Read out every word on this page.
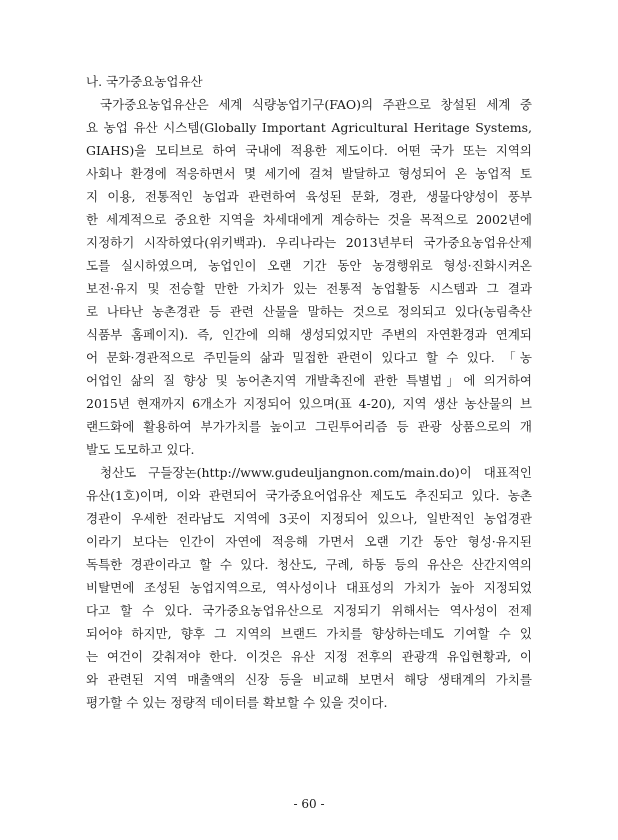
나. 국가중요농업유산
국가중요농업유산은 세계 식량농업기구(FAO)의 주관으로 창설된 세계 중
요 농업 유산 시스템(Globally Important Agricultural Heritage Systems,
GIAHS)을 모티브로 하여 국내에 적용한 제도이다. 어떤 국가 또는 지역의
사회나 환경에 적응하면서 몇 세기에 걸쳐 발달하고 형성되어 온 농업적 토
지 이용, 전통적인 농업과 관련하여 육성된 문화, 경관, 생물다양성이 풍부
한 세계적으로 중요한 지역을 차세대에게 계승하는 것을 목적으로 2002년에
지정하기 시작하였다(위키백과). 우리나라는 2013년부터 국가중요농업유산제
도를 실시하였으며, 농업인이 오랜 기간 동안 농경행위로 형성·진화시켜온
보전·유지 및 전승할 만한 가치가 있는 전통적 농업활동 시스템과 그 결과
로 나타난 농촌경관 등 관련 산물을 말하는 것으로 정의되고 있다(농림축산
식품부 홈페이지). 즉, 인간에 의해 생성되었지만 주변의 자연환경과 연계되
어 문화·경관적으로 주민들의 삶과 밀접한 관련이 있다고 할 수 있다. 「농
어업인 삶의 질 향상 및 농어촌지역 개발촉진에 관한 특별법」에 의거하여
2015년 현재까지 6개소가 지정되어 있으며(표 4-20), 지역 생산 농산물의 브
랜드화에 활용하여 부가가치를 높이고 그린투어리즘 등 관광 상품으로의 개
발도 도모하고 있다.
청산도 구들장논(http://www.gudeuljangnon.com/main.do)이 대표적인
유산(1호)이며, 이와 관련되어 국가중요어업유산 제도도 추진되고 있다. 농촌
경관이 우세한 전라남도 지역에 3곳이 지정되어 있으나, 일반적인 농업경관
이라기 보다는 인간이 자연에 적응해 가면서 오랜 기간 동안 형성·유지된
독특한 경관이라고 할 수 있다. 청산도, 구례, 하동 등의 유산은 산간지역의
비탈면에 조성된 농업지역으로, 역사성이나 대표성의 가치가 높아 지정되었
다고 할 수 있다. 국가중요농업유산으로 지정되기 위해서는 역사성이 전제
되어야 하지만, 향후 그 지역의 브랜드 가치를 향상하는데도 기여할 수 있
는 여건이 갖춰져야 한다. 이것은 유산 지정 전후의 관광객 유입현황과, 이
와 관련된 지역 매출액의 신장 등을 비교해 보면서 해당 생태계의 가치를
평가할 수 있는 정량적 데이터를 확보할 수 있을 것이다.
- 60 -
